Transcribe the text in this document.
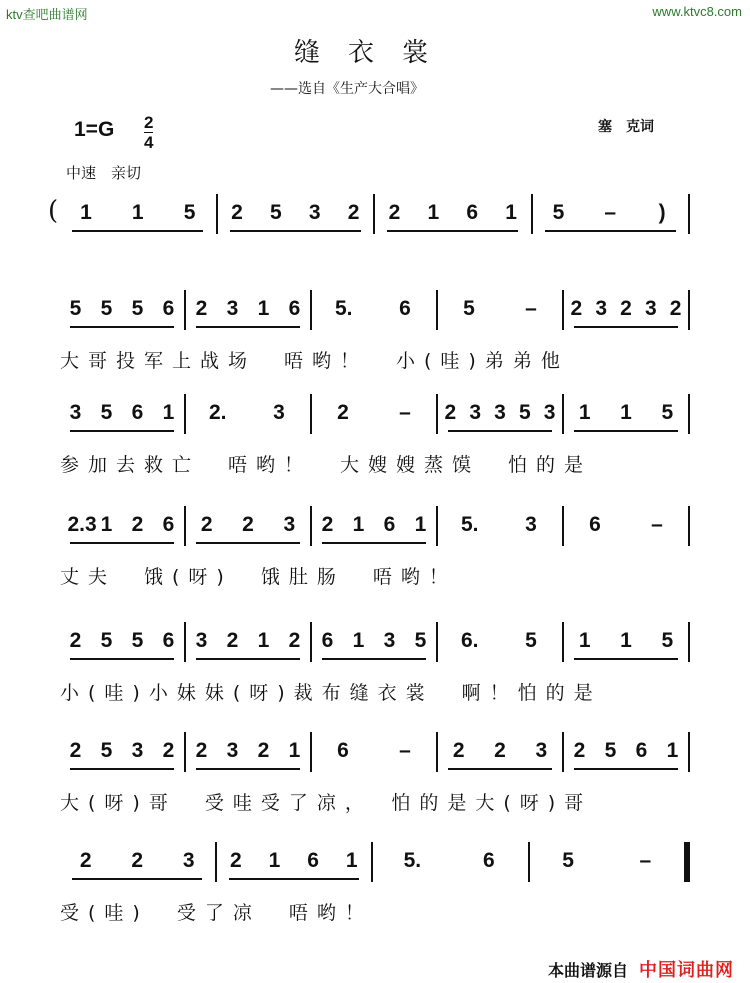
ktv查吧曲谱网	www.ktvc8.com
缝衣裳
——选自《生产大合唱》
1=G 2
4
塞　克词
中速　亲切
( 1 1 5 2 5 3 2 2 1 6 1 5 – )
5 5 5 6 2 3 1 6 5. 6 5 – 2 3 2 3 2
大哥投军上战场　唔哟！　小(哇)弟弟他
3 5 6 1 2. 3 2 – 2 3 3 5 3 1 1 5
参加去救亡　唔哟！　大嫂嫂蒸馍　怕的是
2.3 1 2 6 2 2 3 2 1 6 1 5. 3 6 –
丈夫　饿(呀)　饿肚肠　唔哟！
2 5 5 6 3 2 1 2 6 1 3 5 6. 5 1 1 5
小(哇)小妹妹(呀)裁布缝衣裳　啊！怕的是
2 5 3 2 2 3 2 1 6 – 2 2 3 2 5 6 1
大(呀)哥　受哇受了凉，　怕的是大(呀)哥
2 2 3 2 1 6 1 5.	6	5	–
受(哇)　受了凉　唔哟！
本曲谱源自 中国词曲网
